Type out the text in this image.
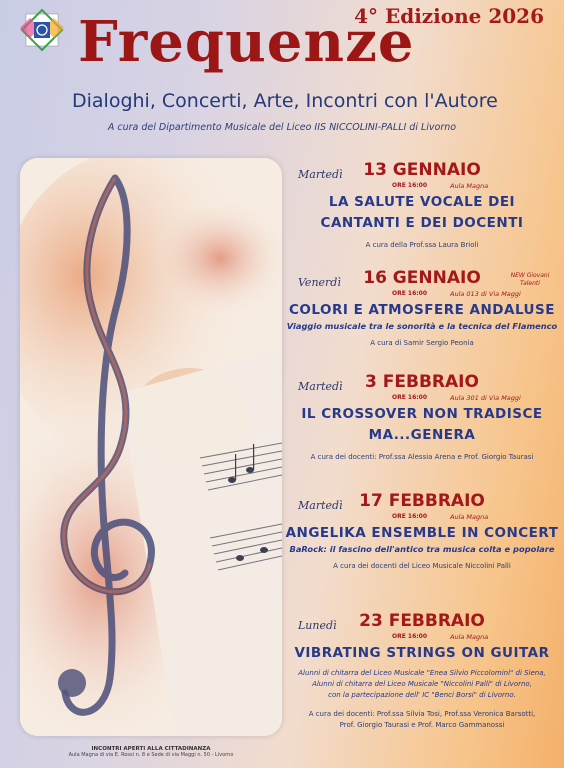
4° Edizione 2026
Frequenze
Dialoghi, Concerti, Arte, Incontri con l'Autore
A cura del Dipartimento Musicale del Liceo IIS NICCOLINI-PALLI di Livorno
Martedì	13 GENNAIO
ORE 16:00	Aula Magna
LA SALUTE VOCALE DEI
CANTANTI E DEI DOCENTI
A cura della Prof.ssa Laura Brioli
Venerdì
NEW Giovani Talenti
16 GENNAIO
ORE 16:00	Aula 013 di Via Maggi
COLORI E ATMOSFERE ANDALUSE
Viaggio musicale tra le sonorità e la tecnica del Flamenco
A cura di Samir Sergio Peonia
Martedì	3 FEBBRAIO
ORE 16:00	Aula 301 di Via Maggi
IL CROSSOVER NON TRADISCE
MA...GENERA
A cura dei docenti: Prof.ssa Alessia Arena e Prof. Giorgio Taurasi
Martedì 17 FEBBRAIO
ORE 16:00	Aula Magna
ANGELIKA ENSEMBLE IN CONCERT
BaRock: il fascino dell'antico tra musica colta e popolare
A cura dei docenti del Liceo Musicale Niccolini Palli
Lunedì	23 FEBBRAIO
ORE 16:00	Aula Magna
VIBRATING STRINGS ON GUITAR
Alunni di chitarra del Liceo Musicale "Enea Silvio Piccolomini" di Siena,
Alunni di chitarra del Liceo Musicale "Niccolini Palli" di Livorno,
con la partecipazione dell' IC "Benci Borsi" di Livorno.
A cura dei docenti: Prof.ssa Silvia Tosi, Prof.ssa Veronica Barsotti,
Prof. Giorgio Taurasi e Prof. Marco Gammanossi
INCONTRI APERTI ALLA CITTADINANZA
Aula Magna di via E. Rossi n. 8 e Sede di via Maggi n. 50 - Livorno
